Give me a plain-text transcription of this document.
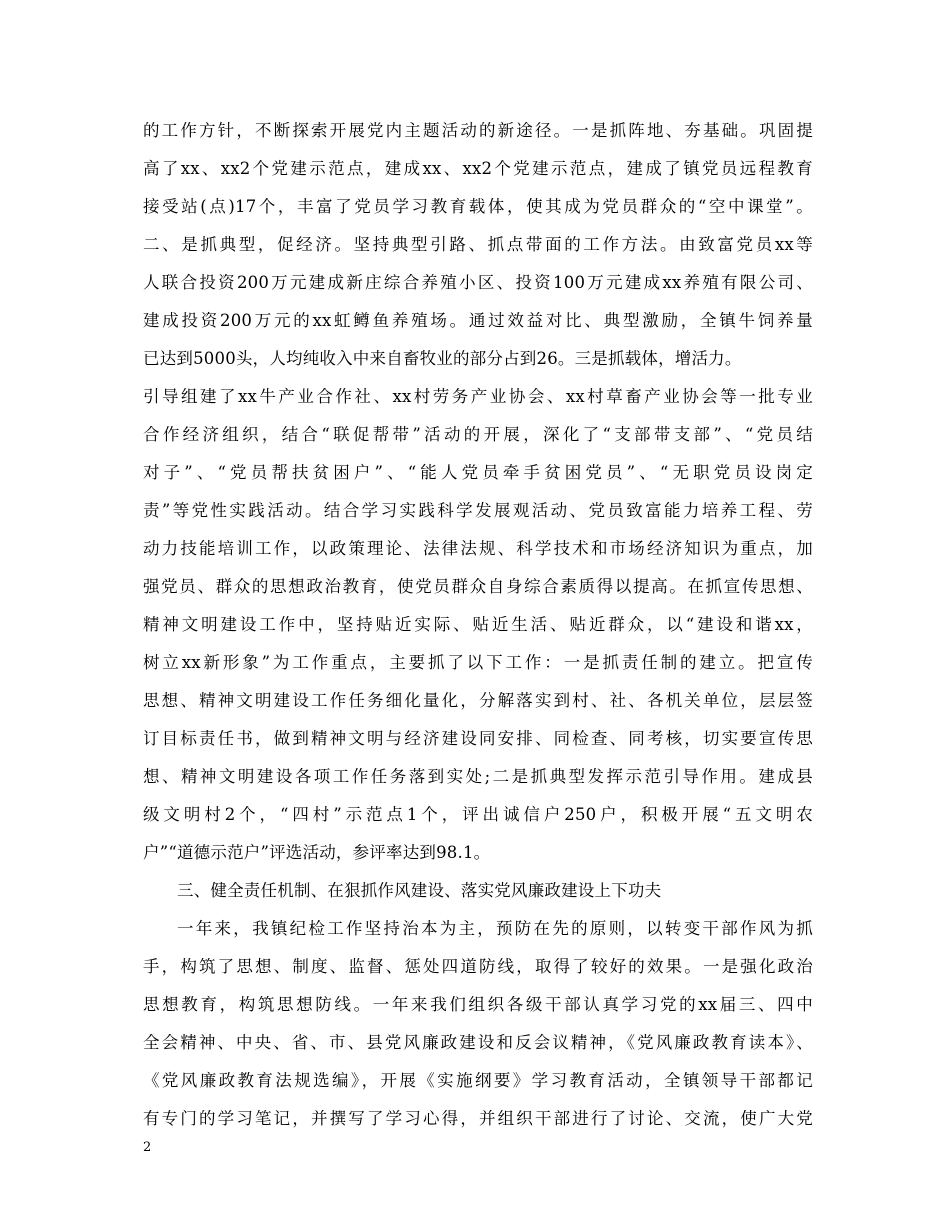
的工作方针，不断探索开展党内主题活动的新途径。一是抓阵地、夯基础。巩固提
高了xx、xx2个党建示范点，建成xx、xx2个党建示范点，建成了镇党员远程教育
接受站(点)17个，丰富了党员学习教育载体，使其成为党员群众的“空中课堂”。
二、是抓典型，促经济。坚持典型引路、抓点带面的工作方法。由致富党员xx等
人联合投资200万元建成新庄综合养殖小区、投资100万元建成xx养殖有限公司、
建成投资200万元的xx虹鳟鱼养殖场。通过效益对比、典型激励，全镇牛饲养量
已达到5000头，人均纯收入中来自畜牧业的部分占到26。三是抓载体，增活力。
引导组建了xx牛产业合作社、xx村劳务产业协会、xx村草畜产业协会等一批专业
合作经济组织，结合“联促帮带”活动的开展，深化了“支部带支部”、“党员结
对子”、“党员帮扶贫困户”、“能人党员牵手贫困党员”、“无职党员设岗定
责”等党性实践活动。结合学习实践科学发展观活动、党员致富能力培养工程、劳
动力技能培训工作，以政策理论、法律法规、科学技术和市场经济知识为重点，加
强党员、群众的思想政治教育，使党员群众自身综合素质得以提高。在抓宣传思想、
精神文明建设工作中，坚持贴近实际、贴近生活、贴近群众，以“建设和谐xx，
树立xx新形象”为工作重点，主要抓了以下工作：一是抓责任制的建立。把宣传
思想、精神文明建设工作任务细化量化，分解落实到村、社、各机关单位，层层签
订目标责任书，做到精神文明与经济建设同安排、同检查、同考核，切实要宣传思
想、精神文明建设各项工作任务落到实处;二是抓典型发挥示范引导作用。建成县
级文明村2个，“四村”示范点1个，评出诚信户250户，积极开展“五文明农
户”“道德示范户”评选活动，参评率达到98.1。
三、健全责任机制、在狠抓作风建设、落实党风廉政建设上下功夫
一年来，我镇纪检工作坚持治本为主，预防在先的原则，以转变干部作风为抓
手，构筑了思想、制度、监督、惩处四道防线，取得了较好的效果。一是强化政治
思想教育，构筑思想防线。一年来我们组织各级干部认真学习党的xx届三、四中
全会精神、中央、省、市、县党风廉政建设和反会议精神，《党风廉政教育读本》、
《党风廉政教育法规选编》，开展《实施纲要》学习教育活动，全镇领导干部都记
有专门的学习笔记，并撰写了学习心得，并组织干部进行了讨论、交流，使广大党
2
